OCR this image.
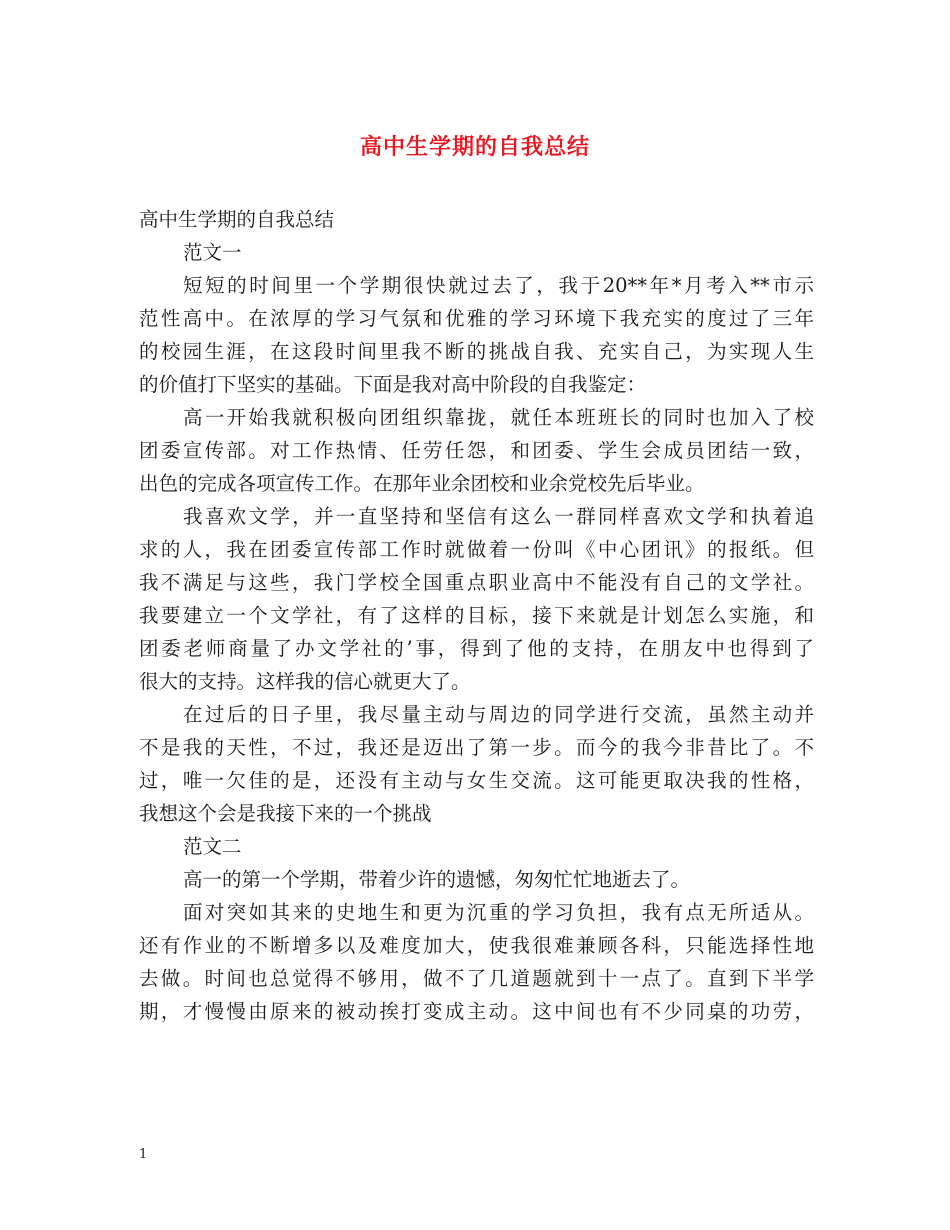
高中生学期的自我总结
高中生学期的自我总结
范文一
短短的时间里一个学期很快就过去了，我于20**年*月考入**市示
范性高中。在浓厚的学习气氛和优雅的学习环境下我充实的度过了三年
的校园生涯，在这段时间里我不断的挑战自我、充实自己，为实现人生
的价值打下坚实的基础。下面是我对高中阶段的自我鉴定：
高一开始我就积极向团组织靠拢，就任本班班长的同时也加入了校
团委宣传部。对工作热情、任劳任怨，和团委、学生会成员团结一致，
出色的完成各项宣传工作。在那年业余团校和业余党校先后毕业。
我喜欢文学，并一直坚持和坚信有这么一群同样喜欢文学和执着追
求的人，我在团委宣传部工作时就做着一份叫《中心团讯》的报纸。但
我不满足与这些，我门学校全国重点职业高中不能没有自己的文学社。
我要建立一个文学社，有了这样的目标，接下来就是计划怎么实施，和
团委老师商量了办文学社的’事，得到了他的支持，在朋友中也得到了
很大的支持。这样我的信心就更大了。
在过后的日子里，我尽量主动与周边的同学进行交流，虽然主动并
不是我的天性，不过，我还是迈出了第一步。而今的我今非昔比了。不
过，唯一欠佳的是，还没有主动与女生交流。这可能更取决我的性格，
我想这个会是我接下来的一个挑战
范文二
高一的第一个学期，带着少许的遗憾，匆匆忙忙地逝去了。
面对突如其来的史地生和更为沉重的学习负担，我有点无所适从。
还有作业的不断增多以及难度加大，使我很难兼顾各科，只能选择性地
去做。时间也总觉得不够用，做不了几道题就到十一点了。直到下半学
期，才慢慢由原来的被动挨打变成主动。这中间也有不少同桌的功劳，
1
